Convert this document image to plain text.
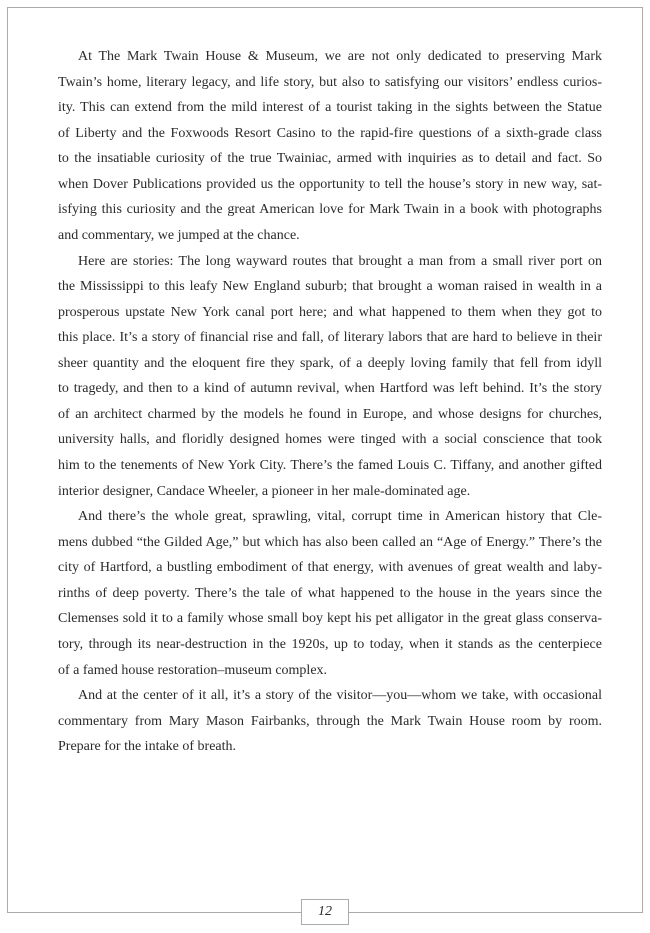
At The Mark Twain House & Museum, we are not only dedicated to preserving Mark
Twain’s home, literary legacy, and life story, but also to satisfying our visitors’ endless curios-
ity. This can extend from the mild interest of a tourist taking in the sights between the Statue
of Liberty and the Foxwoods Resort Casino to the rapid-fire questions of a sixth-grade class
to the insatiable curiosity of the true Twainiac, armed with inquiries as to detail and fact. So
when Dover Publications provided us the opportunity to tell the house’s story in new way, sat-
isfying this curiosity and the great American love for Mark Twain in a book with photographs
and commentary, we jumped at the chance.
Here are stories: The long wayward routes that brought a man from a small river port on
the Mississippi to this leafy New England suburb; that brought a woman raised in wealth in a
prosperous upstate New York canal port here; and what happened to them when they got to
this place. It’s a story of financial rise and fall, of literary labors that are hard to believe in their
sheer quantity and the eloquent fire they spark, of a deeply loving family that fell from idyll
to tragedy, and then to a kind of autumn revival, when Hartford was left behind. It’s the story
of an architect charmed by the models he found in Europe, and whose designs for churches,
university halls, and floridly designed homes were tinged with a social conscience that took
him to the tenements of New York City. There’s the famed Louis C. Tiffany, and another gifted
interior designer, Candace Wheeler, a pioneer in her male-dominated age.
And there’s the whole great, sprawling, vital, corrupt time in American history that Cle-
mens dubbed “the Gilded Age,” but which has also been called an “Age of Energy.” There’s the
city of Hartford, a bustling embodiment of that energy, with avenues of great wealth and laby-
rinths of deep poverty. There’s the tale of what happened to the house in the years since the
Clemenses sold it to a family whose small boy kept his pet alligator in the great glass conserva-
tory, through its near-destruction in the 1920s, up to today, when it stands as the centerpiece
of a famed house restoration–museum complex.
And at the center of it all, it’s a story of the visitor—you—whom we take, with occasional
commentary from Mary Mason Fairbanks, through the Mark Twain House room by room.
Prepare for the intake of breath.
12
